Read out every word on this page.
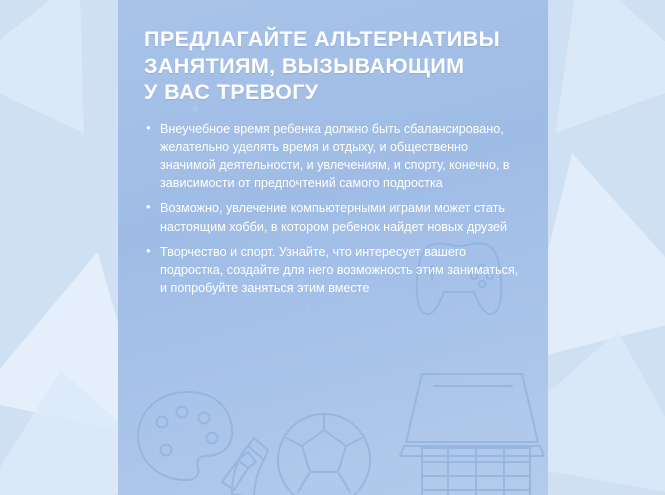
ПРЕДЛАГАЙТЕ АЛЬТЕРНАТИВЫ
ЗАНЯТИЯМ, ВЫЗЫВАЮЩИМ
У ВАС ТРЕВОГУ
• Внеучебное время ребенка должно быть сбалансировано, желательно уделять время и отдыху, и общественно значимой деятельности, и увлечениям, и спорту, конечно, в зависимости от предпочтений самого подростка
• Возможно, увлечение компьютерными играми может стать настоящим хобби, в котором ребенок найдет новых друзей
• Творчество и спорт. Узнайте, что интересует вашего подростка, создайте для него возможность этим заниматься, и попробуйте заняться этим вместе
